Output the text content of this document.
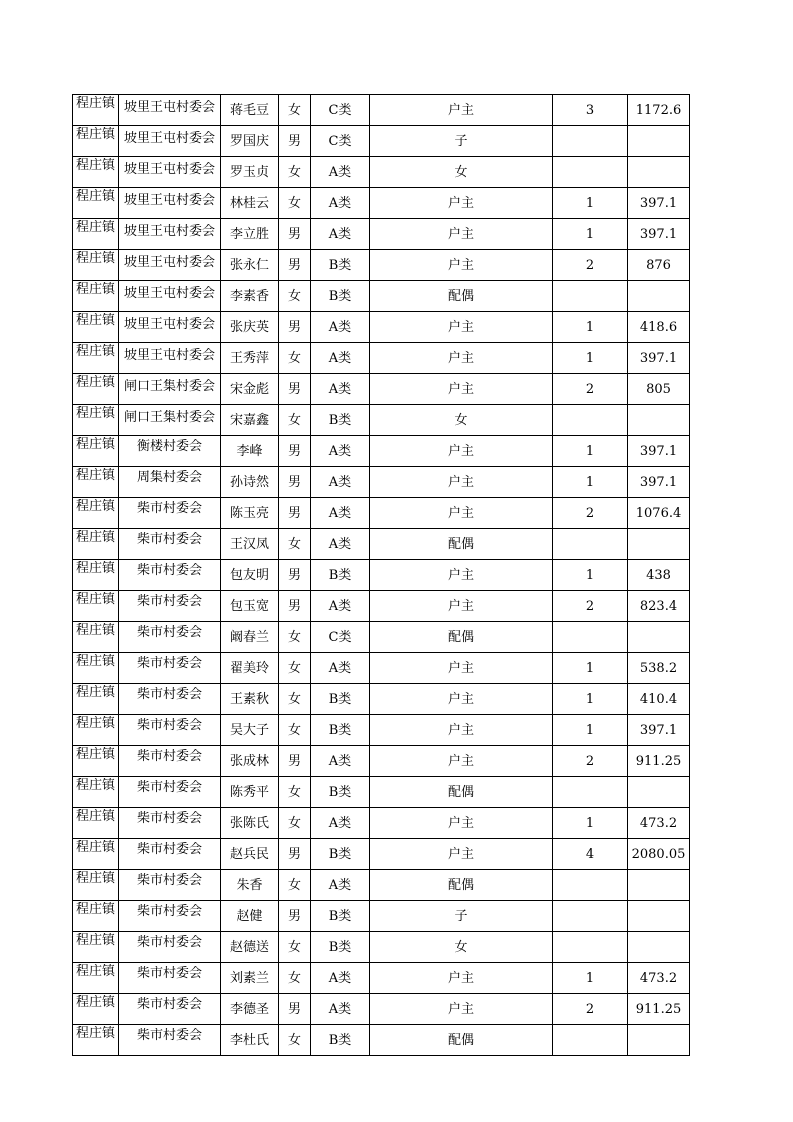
程庄镇	坡里王屯村委会	蒋毛豆	女	C类	户主	3	1172.6

程庄镇	坡里王屯村委会	罗国庆	男	C类	子		

程庄镇	坡里王屯村委会	罗玉贞	女	A类	女		

程庄镇	坡里王屯村委会	林桂云	女	A类	户主	1	397.1

程庄镇	坡里王屯村委会	李立胜	男	A类	户主	1	397.1

程庄镇	坡里王屯村委会	张永仁	男	B类	户主	2	876

程庄镇	坡里王屯村委会	李素香	女	B类	配偶		

程庄镇	坡里王屯村委会	张庆英	男	A类	户主	1	418.6

程庄镇	坡里王屯村委会	王秀萍	女	A类	户主	1	397.1

程庄镇	闸口王集村委会	宋金彪	男	A类	户主	2	805

程庄镇	闸口王集村委会	宋嘉鑫	女	B类	女		

程庄镇	衡楼村委会	李峰	男	A类	户主	1	397.1

程庄镇	周集村委会	孙诗然	男	A类	户主	1	397.1

程庄镇	柴市村委会	陈玉亮	男	A类	户主	2	1076.4

程庄镇	柴市村委会	王汉凤	女	A类	配偶		

程庄镇	柴市村委会	包友明	男	B类	户主	1	438

程庄镇	柴市村委会	包玉宽	男	A类	户主	2	823.4

程庄镇	柴市村委会	阚春兰	女	C类	配偶		

程庄镇	柴市村委会	翟美玲	女	A类	户主	1	538.2

程庄镇	柴市村委会	王素秋	女	B类	户主	1	410.4

程庄镇	柴市村委会	吴大子	女	B类	户主	1	397.1

程庄镇	柴市村委会	张成林	男	A类	户主	2	911.25

程庄镇	柴市村委会	陈秀平	女	B类	配偶		

程庄镇	柴市村委会	张陈氏	女	A类	户主	1	473.2

程庄镇	柴市村委会	赵兵民	男	B类	户主	4	2080.05

程庄镇	柴市村委会	朱香	女	A类	配偶		

程庄镇	柴市村委会	赵健	男	B类	子		

程庄镇	柴市村委会	赵德送	女	B类	女		

程庄镇	柴市村委会	刘素兰	女	A类	户主	1	473.2

程庄镇	柴市村委会	李德圣	男	A类	户主	2	911.25

程庄镇	柴市村委会	李杜氏	女	B类	配偶		
